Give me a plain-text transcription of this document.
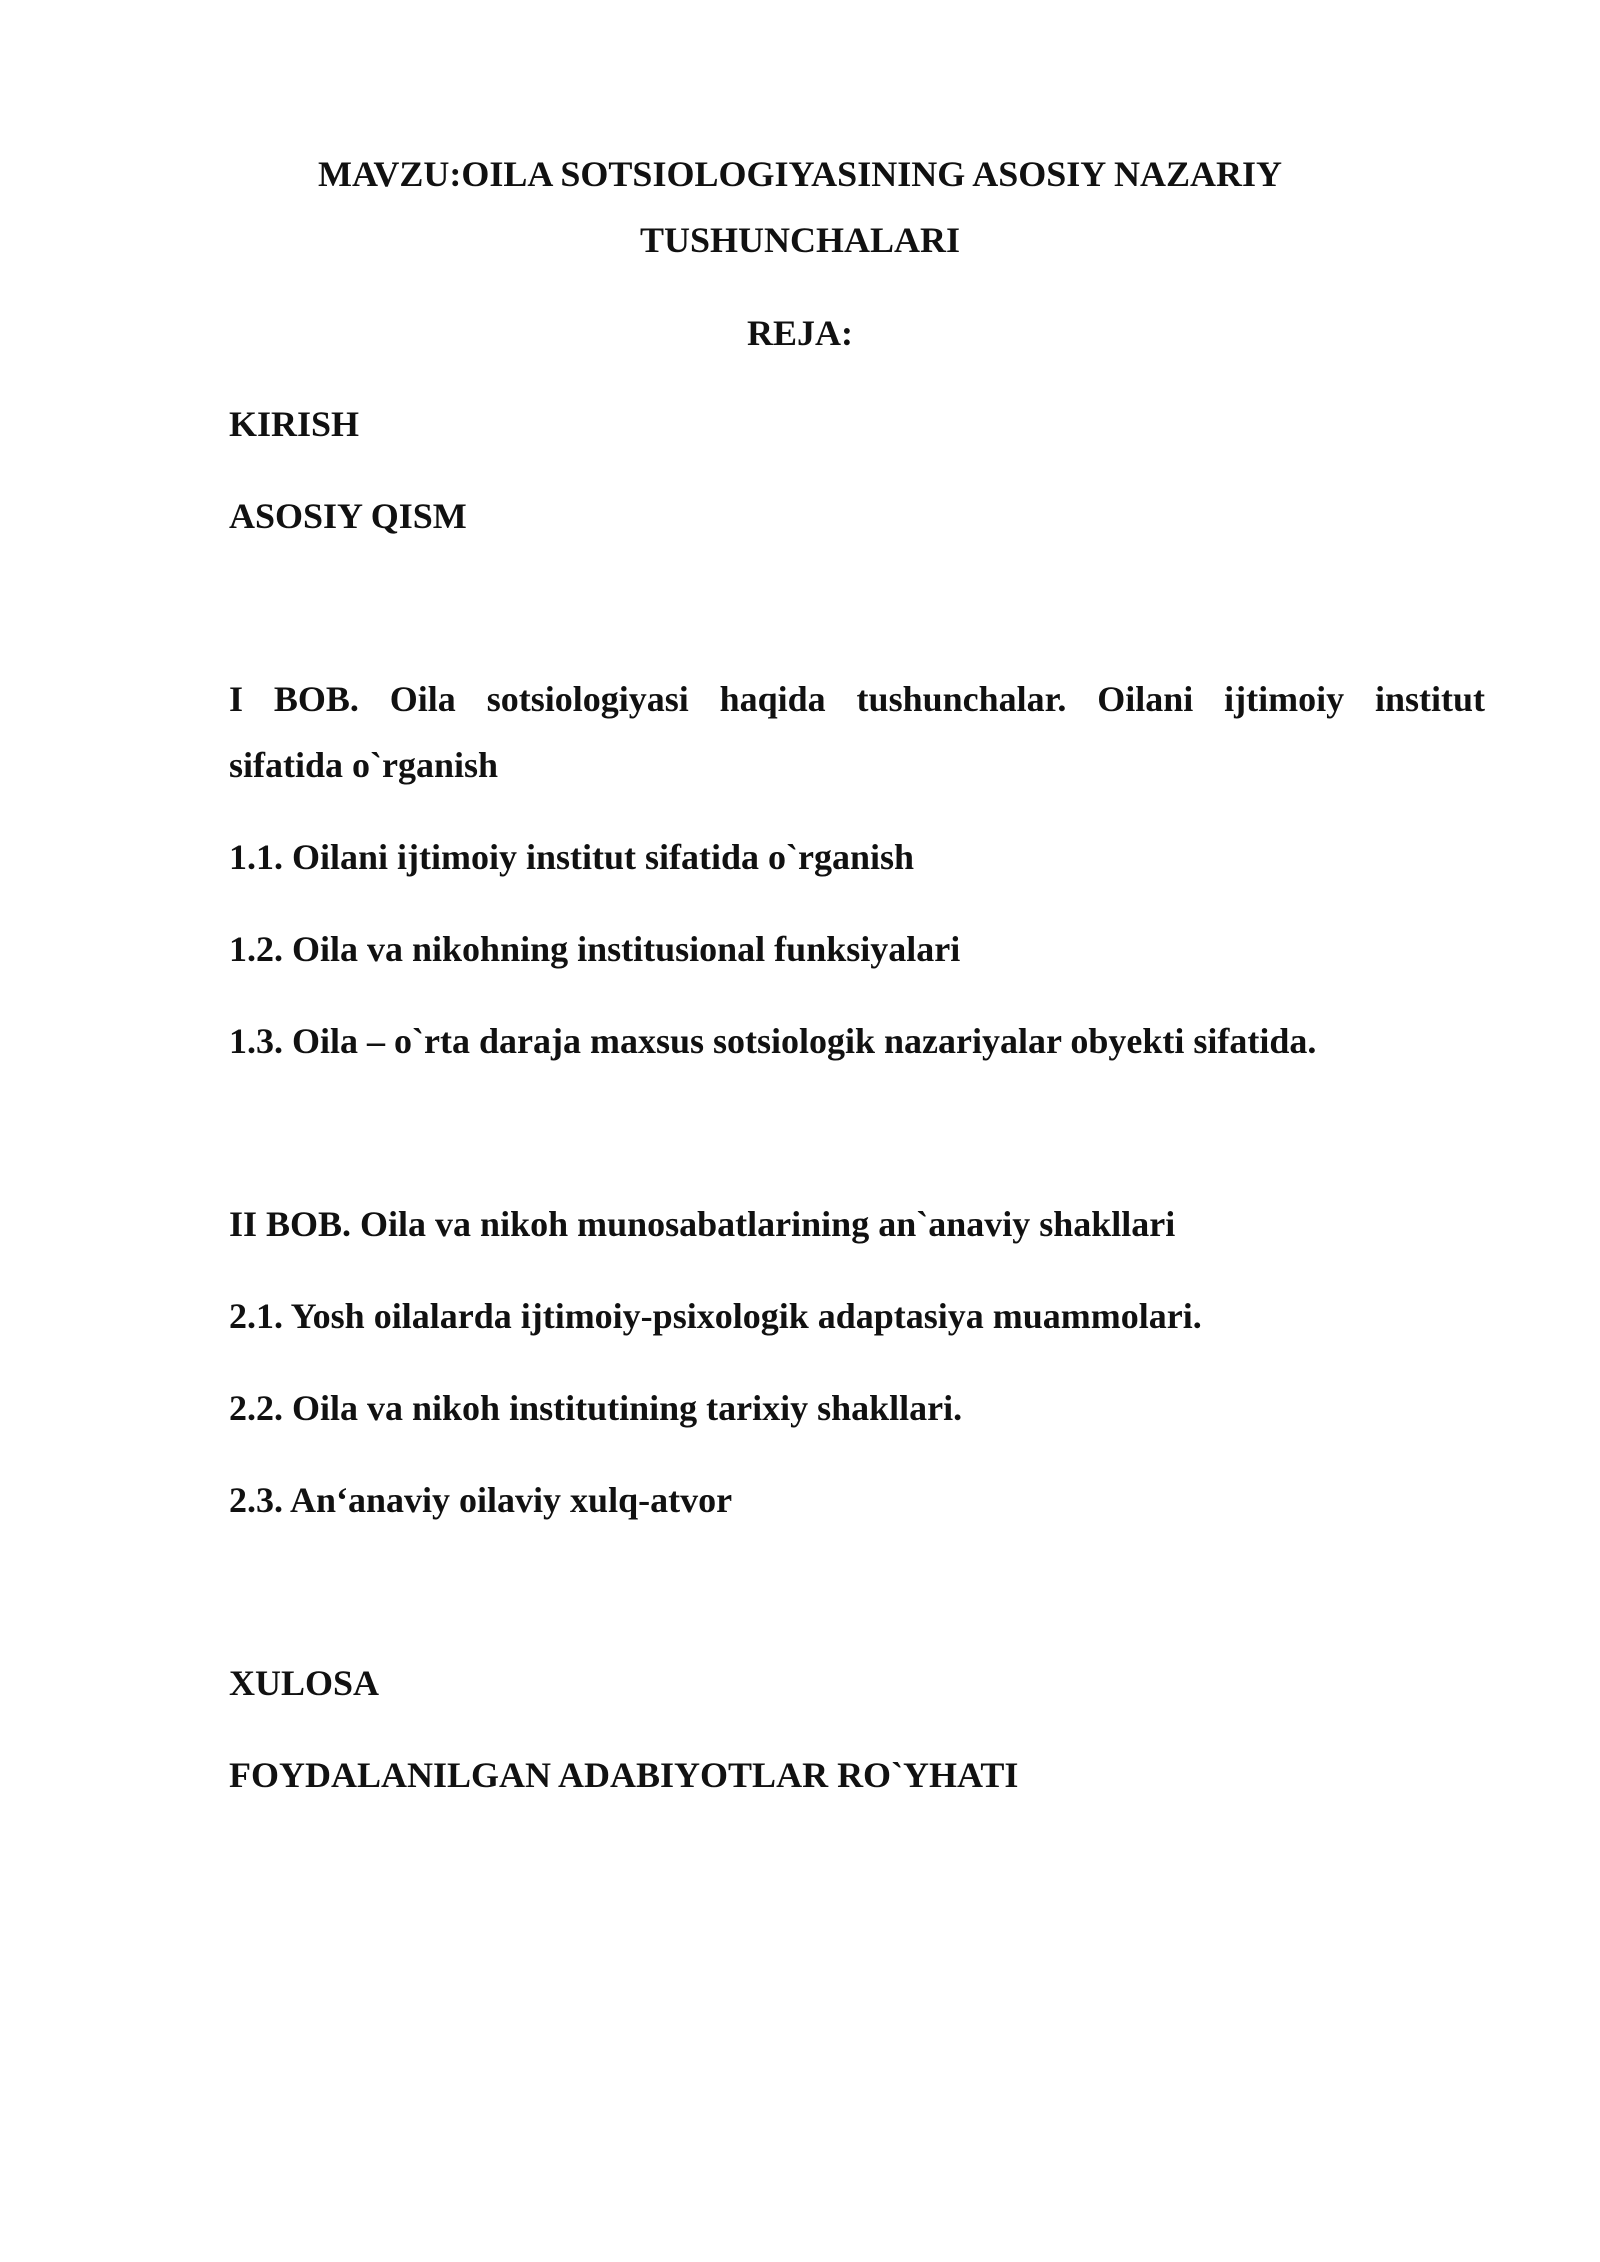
MAVZU:OILA SOTSIOLOGIYASINING ASOSIY NAZARIY
TUSHUNCHALARI
REJA:
KIRISH
ASOSIY QISM
I BOB. Oila sotsiologiyasi haqida tushunchalar. Oilani ijtimoiy institut
sifatida o`rganish
1.1. Oilani ijtimoiy institut sifatida o`rganish
1.2. Oila va nikohning institusional funksiyalari
1.3. Oila – o`rta daraja maxsus sotsiologik nazariyalar obyekti sifatida.
II BOB. Oila va nikoh munosabatlarining an`anaviy shakllari
2.1. Yosh oilalarda ijtimoiy-psixologik adaptasiya muammolari.
2.2. Oila va nikoh institutining tarixiy shakllari.
2.3. An‘anaviy oilaviy xulq-atvor
XULOSA
FOYDALANILGAN ADABIYOTLAR RO`YHATI
